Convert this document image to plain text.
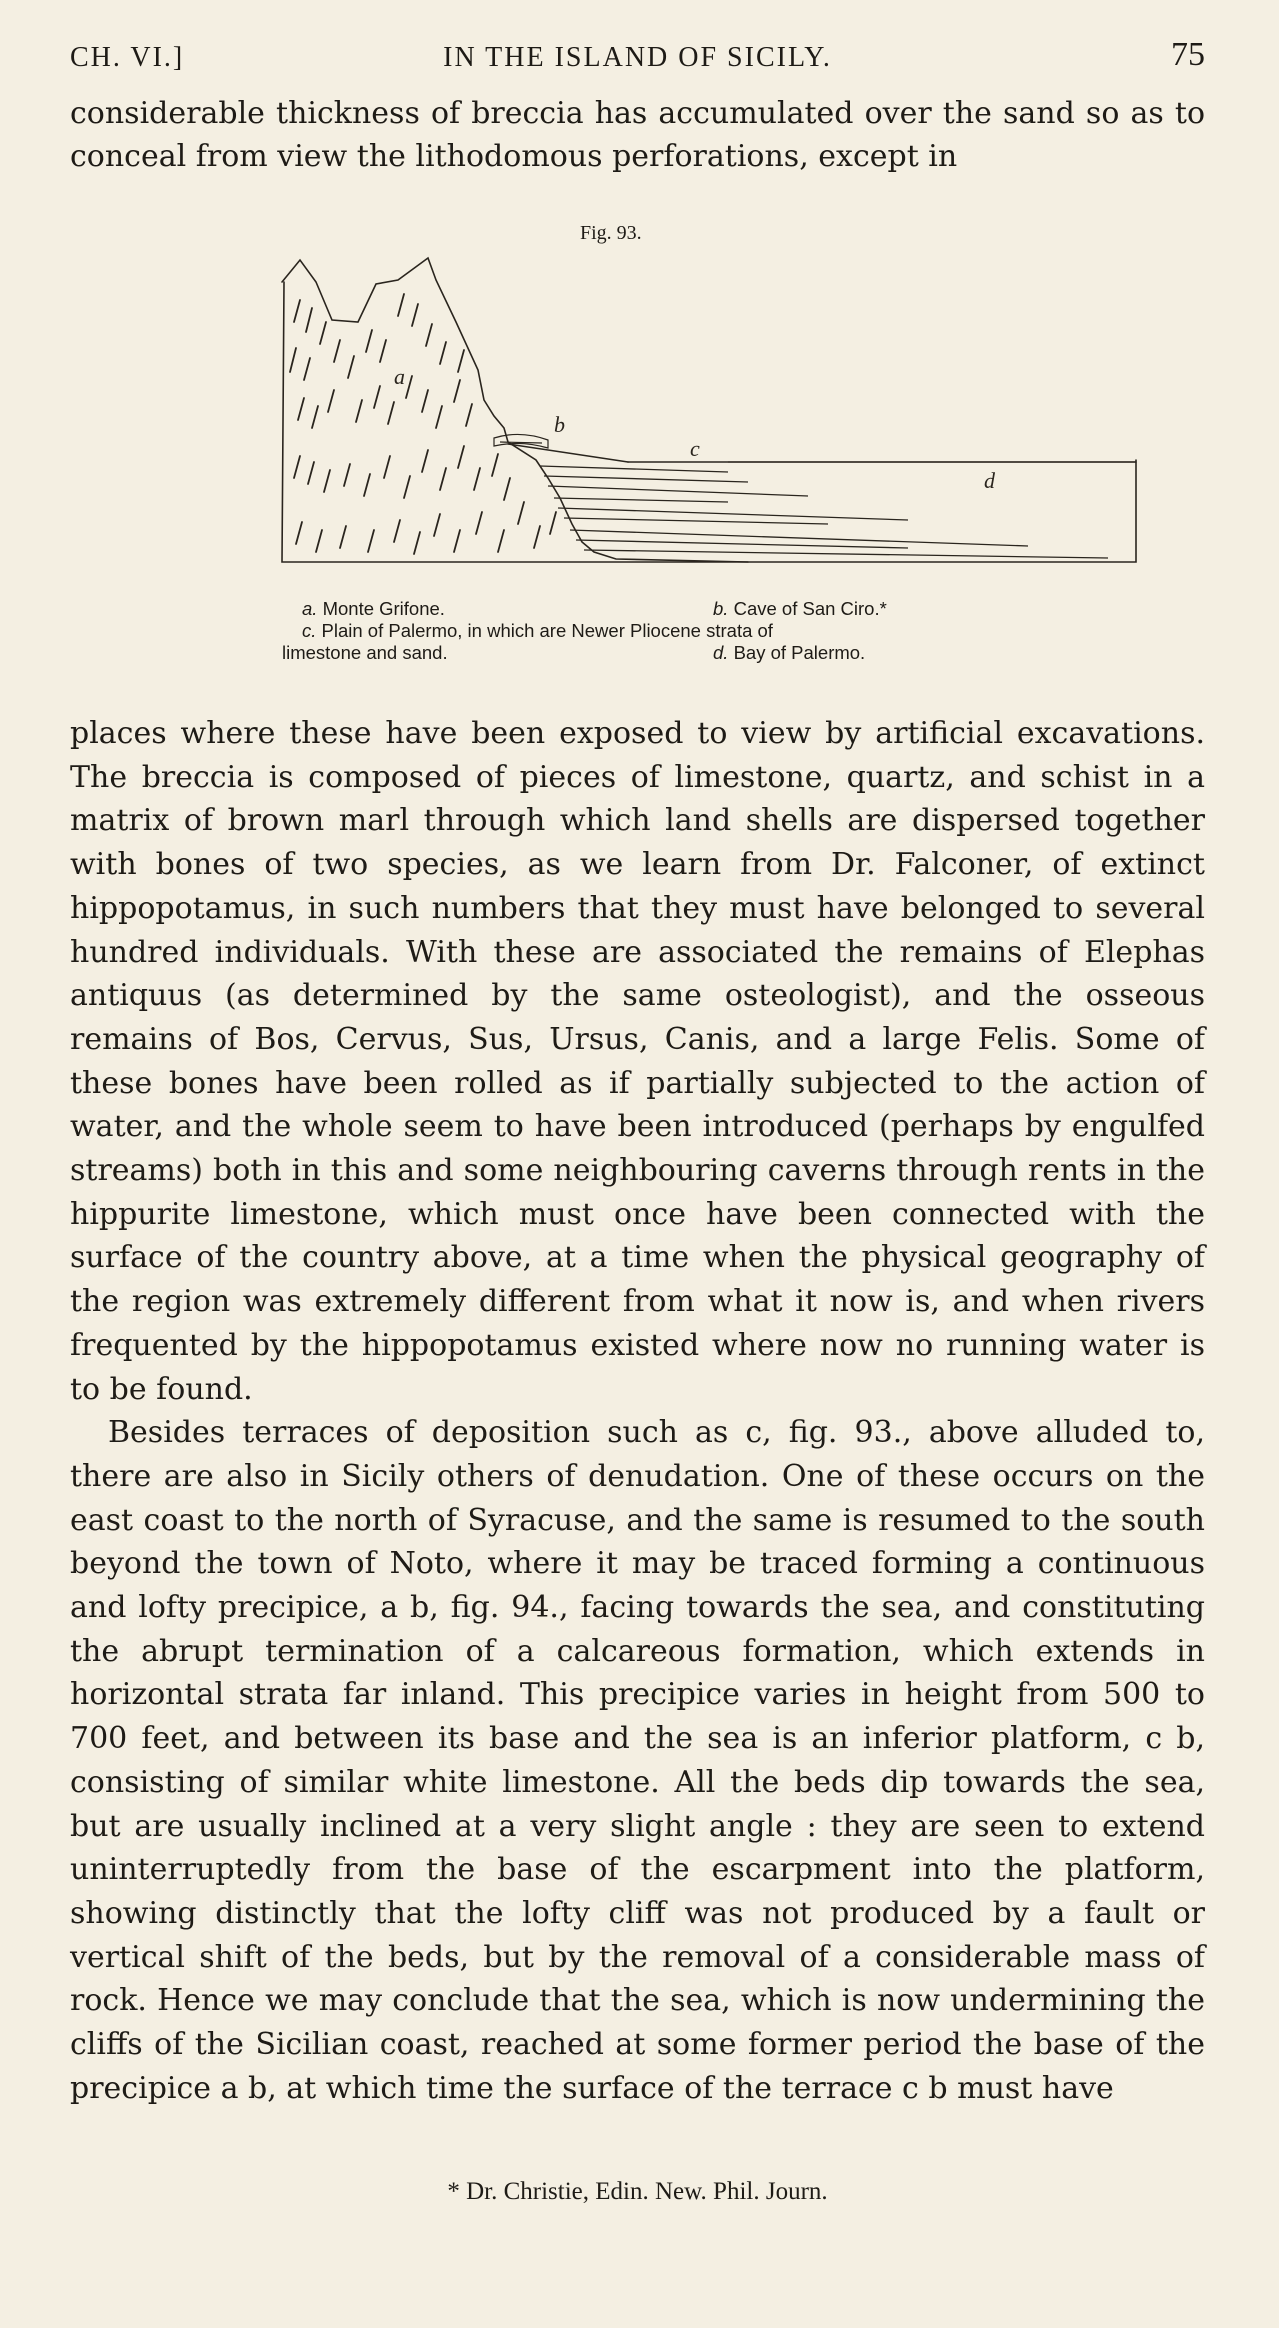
CH. VI.]	IN THE ISLAND OF SICILY.	75

considerable thickness of breccia has accumulated over the sand so as to conceal from view the lithodomous perforations, except in

Fig. 93.
a
b
c
d
a. Monte Grifone.	b. Cave of San Ciro.*
c. Plain of Palermo, in which are Newer Pliocene strata of
limestone and sand.	d. Bay of Palermo.

places where these have been exposed to view by artificial excavations. The breccia is composed of pieces of limestone, quartz, and schist in a matrix of brown marl through which land shells are dispersed together with bones of two species, as we learn from Dr. Falconer, of extinct hippopotamus, in such numbers that they must have belonged to several hundred individuals. With these are associated the remains of Elephas antiquus (as determined by the same osteologist), and the osseous remains of Bos, Cervus, Sus, Ursus, Canis, and a large Felis. Some of these bones have been rolled as if partially subjected to the action of water, and the whole seem to have been introduced (perhaps by engulfed streams) both in this and some neighbouring caverns through rents in the hippurite limestone, which must once have been connected with the surface of the country above, at a time when the physical geography of the region was extremely different from what it now is, and when rivers frequented by the hippopotamus existed where now no running water is to be found.

Besides terraces of deposition such as c, fig. 93., above alluded to, there are also in Sicily others of denudation. One of these occurs on the east coast to the north of Syracuse, and the same is resumed to the south beyond the town of Noto, where it may be traced forming a continuous and lofty precipice, a b, fig. 94., facing towards the sea, and constituting the abrupt termination of a calcareous formation, which extends in horizontal strata far inland. This precipice varies in height from 500 to 700 feet, and between its base and the sea is an inferior platform, c b, consisting of similar white limestone. All the beds dip towards the sea, but are usually inclined at a very slight angle : they are seen to extend uninterruptedly from the base of the escarpment into the platform, showing distinctly that the lofty cliff was not produced by a fault or vertical shift of the beds, but by the removal of a considerable mass of rock. Hence we may conclude that the sea, which is now undermining the cliffs of the Sicilian coast, reached at some former period the base of the precipice a b, at which time the surface of the terrace c b must have

* Dr. Christie, Edin. New. Phil. Journ.
